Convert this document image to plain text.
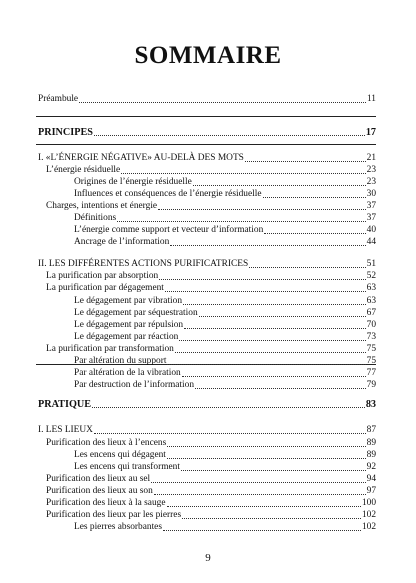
SOMMAIRE
Préambule	11
PRINCIPES	17
I. «L’ÉNERGIE NÉGATIVE» AU-DELÀ DES MOTS	21
L’énergie résiduelle	23
Origines de l’énergie résiduelle	23
Influences et conséquences de l’énergie résiduelle	30
Charges, intentions et énergie	37
Définitions	37
L’énergie comme support et vecteur d’information	40
Ancrage de l’information	44
II. LES DIFFÉRENTES ACTIONS PURIFICATRICES	51
La purification par absorption	52
La purification par dégagement	63
Le dégagement par vibration	63
Le dégagement par séquestration	67
Le dégagement par répulsion	70
Le dégagement par réaction	73
La purification par transformation	75
Par altération du support	75
Par altération de la vibration	77
Par destruction de l’information	79
PRATIQUE	83
I. LES LIEUX	87
Purification des lieux à l’encens	89
Les encens qui dégagent	89
Les encens qui transforment	92
Purification des lieux au sel	94
Purification des lieux au son	97
Purification des lieux à la sauge	100
Purification des lieux par les pierres	102
Les pierres absorbantes	102
9
